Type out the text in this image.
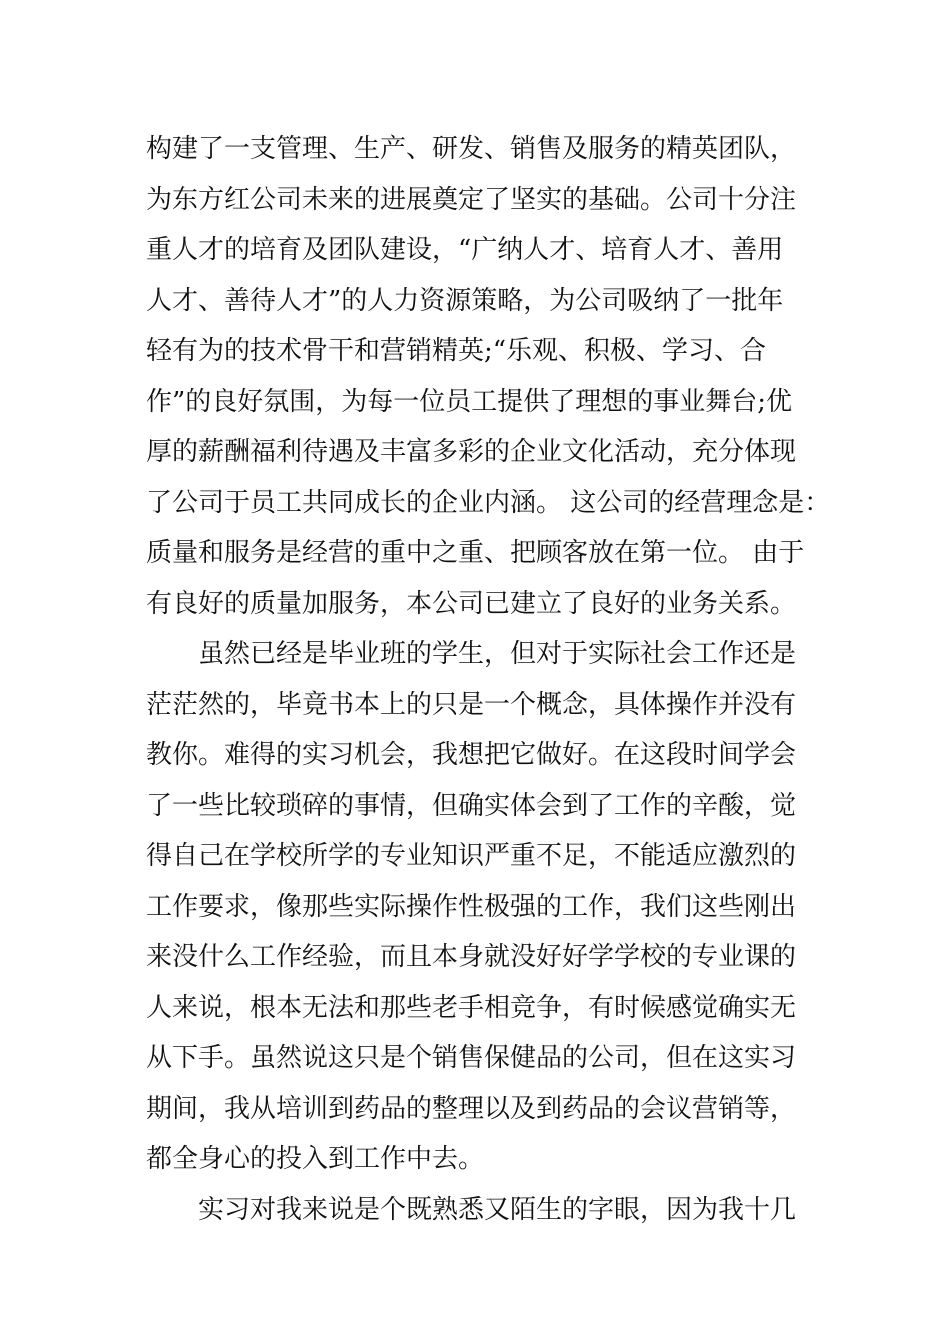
构建了一支管理、生产、研发、销售及服务的精英团队，
为东方红公司未来的进展奠定了坚实的基础。公司十分注
重人才的培育及团队建设，“广纳人才、培育人才、善用
人才、善待人才”的人力资源策略，为公司吸纳了一批年
轻有为的技术骨干和营销精英;“乐观、积极、学习、合
作”的良好氛围，为每一位员工提供了理想的事业舞台;优
厚的薪酬福利待遇及丰富多彩的企业文化活动，充分体现
了公司于员工共同成长的企业内涵。 这公司的经营理念是：
质量和服务是经营的重中之重、把顾客放在第一位。 由于
有良好的质量加服务，本公司已建立了良好的业务关系。
　　虽然已经是毕业班的学生，但对于实际社会工作还是
茫茫然的，毕竟书本上的只是一个概念，具体操作并没有
教你。难得的实习机会，我想把它做好。在这段时间学会
了一些比较琐碎的事情，但确实体会到了工作的辛酸，觉
得自己在学校所学的专业知识严重不足，不能适应激烈的
工作要求，像那些实际操作性极强的工作，我们这些刚出
来没什么工作经验，而且本身就没好好学学校的专业课的
人来说，根本无法和那些老手相竞争，有时候感觉确实无
从下手。虽然说这只是个销售保健品的公司，但在这实习
期间，我从培训到药品的整理以及到药品的会议营销等，
都全身心的投入到工作中去。
　　实习对我来说是个既熟悉又陌生的字眼，因为我十几
